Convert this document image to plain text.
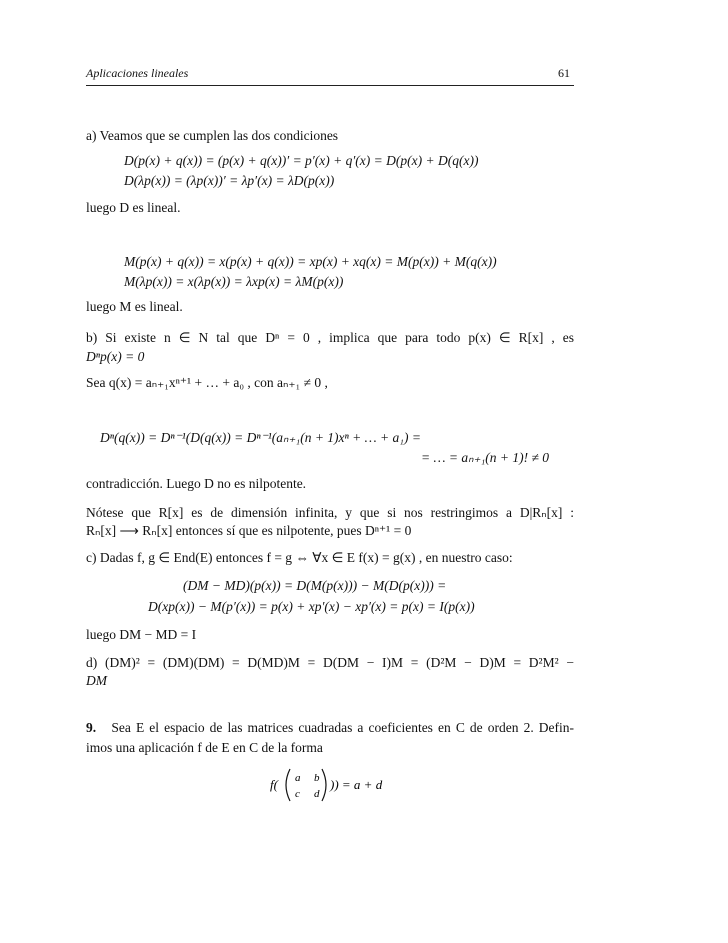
Aplicaciones lineales	61
a) Veamos que se cumplen las dos condiciones
D(p(x) + q(x)) = (p(x) + q(x))′ = p′(x) + q′(x) = D(p(x) + D(q(x))
D(λp(x)) = (λp(x))′ = λp′(x) = λD(p(x))
luego D es lineal.
M(p(x) + q(x)) = x(p(x) + q(x)) = xp(x) + xq(x) = M(p(x)) + M(q(x))
M(λp(x)) = x(λp(x)) = λxp(x) = λM(p(x))
luego M es lineal.
b) Si existe n ∈ N tal que Dⁿ = 0 , implica que para todo p(x) ∈ R[x] , es
Dⁿp(x) = 0
Sea q(x) = aₙ₊₁xⁿ⁺¹ + … + a₀ , con aₙ₊₁ ≠ 0 ,
Dⁿ(q(x)) = Dⁿ⁻¹(D(q(x)) = Dⁿ⁻¹(aₙ₊₁(n + 1)xⁿ + … + a₁) =
= … = aₙ₊₁(n + 1)! ≠ 0
contradicción. Luego D no es nilpotente.
Nótese que R[x] es de dimensión infinita, y que si nos restringimos a D|Rₙ[x] :
Rₙ[x] ⟶ Rₙ[x] entonces sí que es nilpotente, pues Dⁿ⁺¹ = 0
c) Dadas f, g ∈ End(E) entonces f = g ⇔ ∀x ∈ E f(x) = g(x) , en nuestro caso:
(DM − MD)(p(x)) = D(M(p(x))) − M(D(p(x))) =
D(xp(x)) − M(p′(x)) = p(x) + xp′(x) − xp′(x) = p(x) = I(p(x))
luego DM − MD = I
d) (DM)² = (DM)(DM) = D(MD)M = D(DM − I)M = (D²M − D)M = D²M² −
DM
9. Sea E el espacio de las matrices cuadradas a coeficientes en C de orden 2. Defin-
imos una aplicación f de E en C de la forma
f( a b
c d
)) = a + d
